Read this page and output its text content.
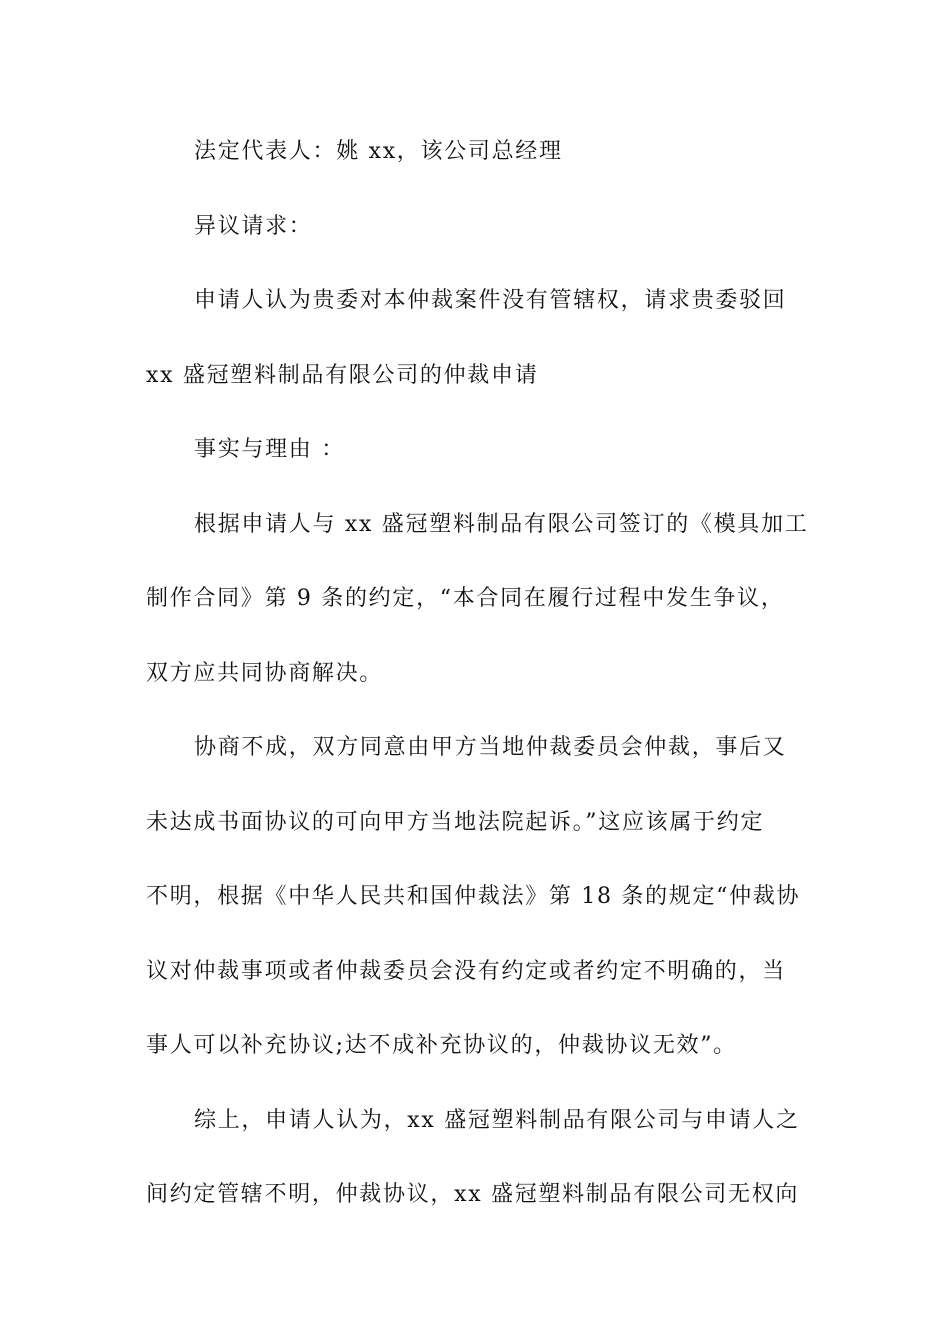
法定代表人：姚 xx，该公司总经理
异议请求：
申请人认为贵委对本仲裁案件没有管辖权，请求贵委驳回
xx 盛冠塑料制品有限公司的仲裁申请
事实与理由 ：
根据申请人与 xx 盛冠塑料制品有限公司签订的《模具加工
制作合同》第 9 条的约定，“本合同在履行过程中发生争议，
双方应共同协商解决。
协商不成，双方同意由甲方当地仲裁委员会仲裁，事后又
未达成书面协议的可向甲方当地法院起诉。”这应该属于约定
不明，根据《中华人民共和国仲裁法》第 18 条的规定“仲裁协
议对仲裁事项或者仲裁委员会没有约定或者约定不明确的，当
事人可以补充协议;达不成补充协议的，仲裁协议无效”。
综上，申请人认为，xx 盛冠塑料制品有限公司与申请人之
间约定管辖不明，仲裁协议，xx 盛冠塑料制品有限公司无权向
